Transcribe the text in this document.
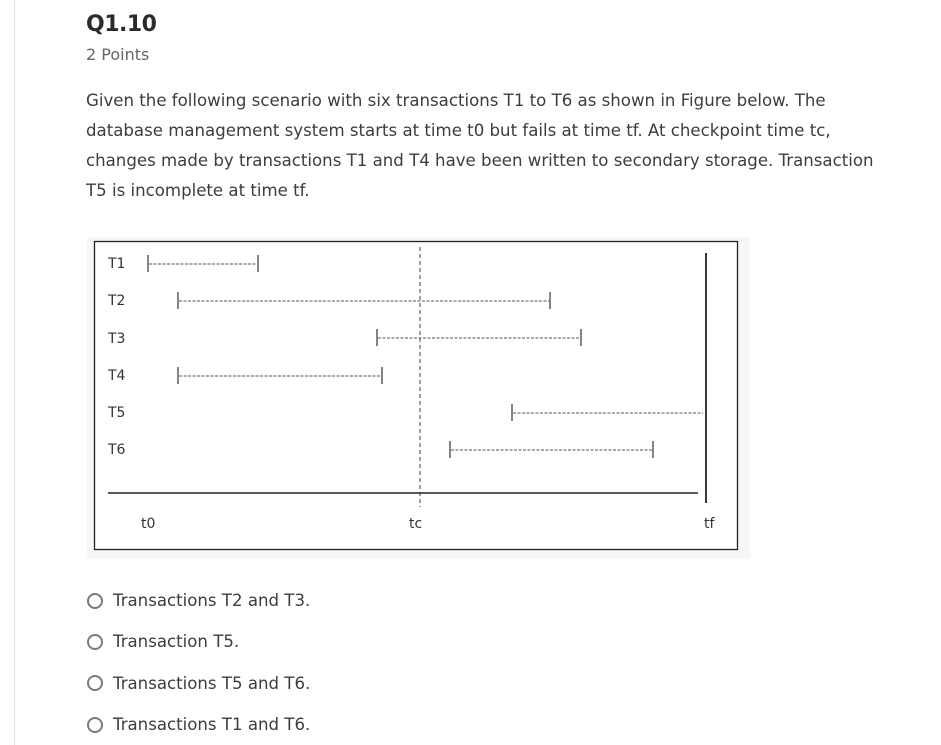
Q1.10
2 Points

Given the following scenario with six transactions T1 to T6 as shown in Figure below. The

database management system starts at time t0 but fails at time tf. At checkpoint time tc,

changes made by transactions T1 and T4 have been written to secondary storage. Transaction

T5 is incomplete at time tf.

T1
T2
T3
T4
T5
T6
t0	tc	tf
Transactions T2 and T3.
Transaction T5.
Transactions T5 and T6.
Transactions T1 and T6.
